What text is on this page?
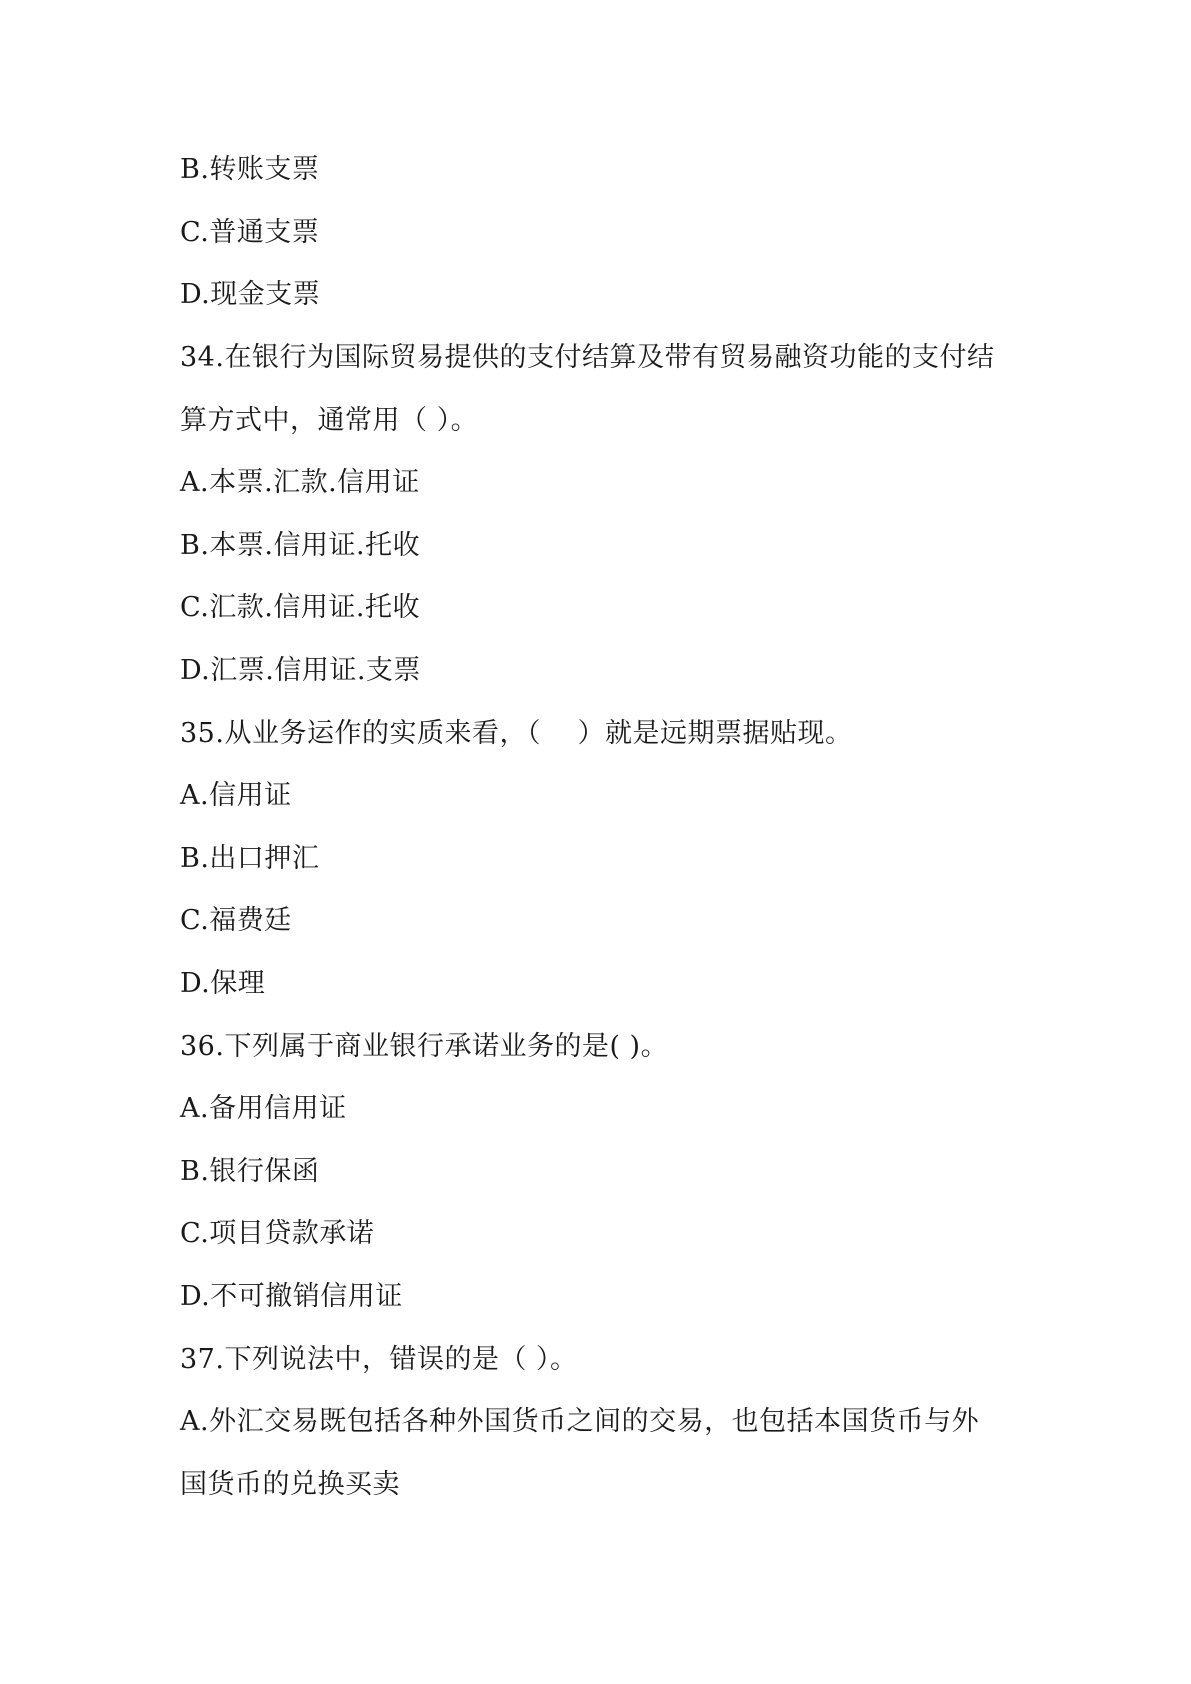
B.转账支票
C.普通支票
D.现金支票
34.在银行为国际贸易提供的支付结算及带有贸易融资功能的支付结
算方式中，通常用（ ）。
A.本票.汇款.信用证
B.本票.信用证.托收
C.汇款.信用证.托收
D.汇票.信用证.支票
35.从业务运作的实质来看，（　 ）就是远期票据贴现。
A.信用证
B.出口押汇
C.福费廷
D.保理
36.下列属于商业银行承诺业务的是( )。
A.备用信用证
B.银行保函
C.项目贷款承诺
D.不可撤销信用证
37.下列说法中，错误的是（ ）。
A.外汇交易既包括各种外国货币之间的交易，也包括本国货币与外
国货币的兑换买卖
